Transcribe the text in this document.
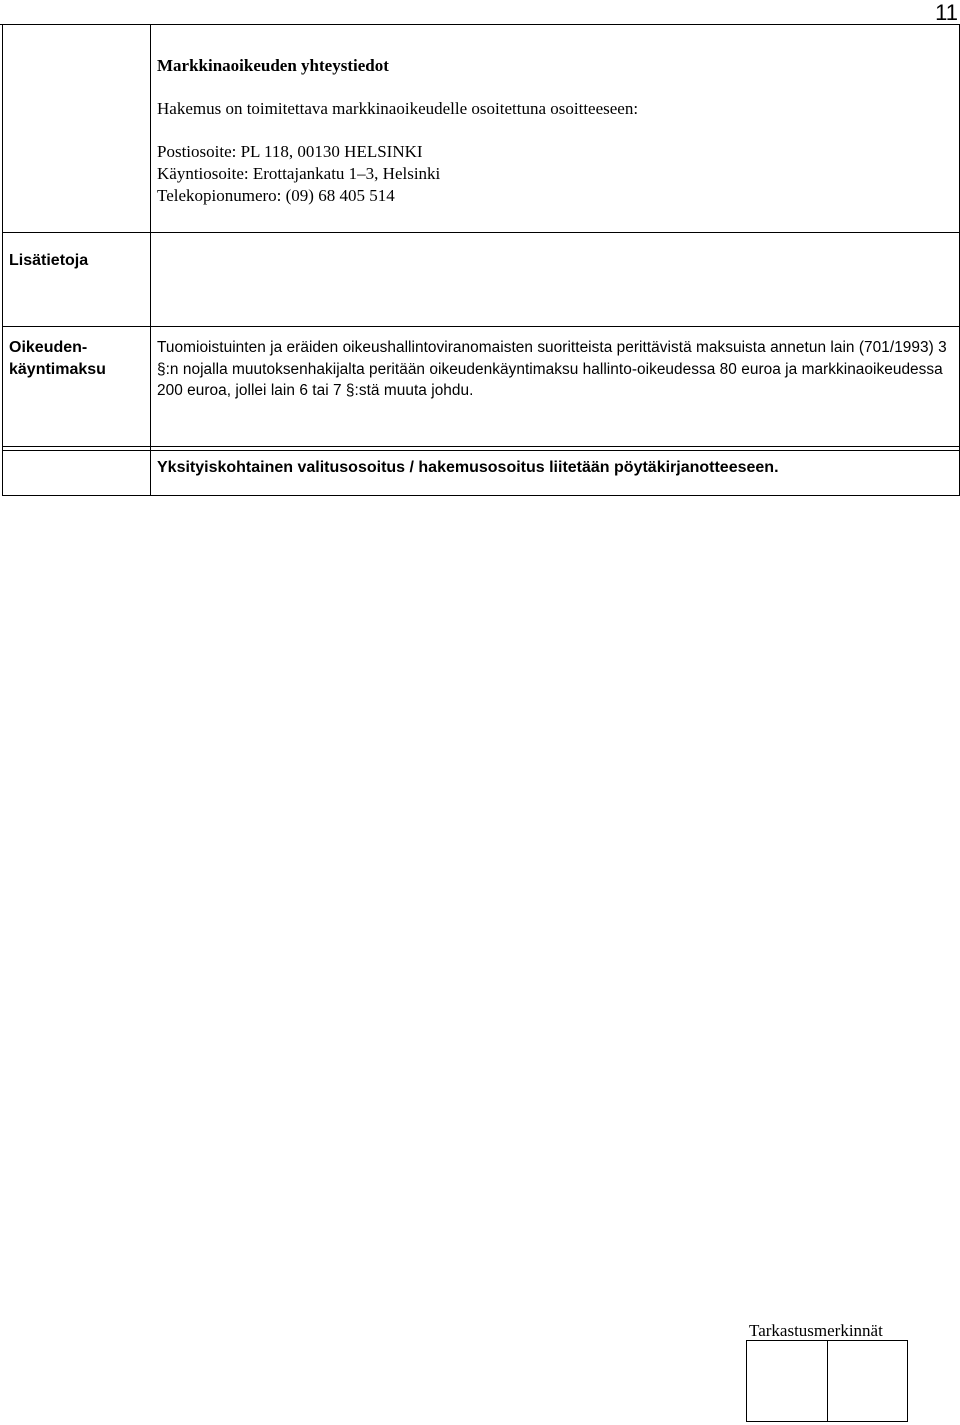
11

	Markkinaoikeuden yhteystiedot
Hakemus on toimitettava markkinaoikeudelle osoitettuna osoitteeseen:
Postiosoite: PL 118, 00130 HELSINKI
Käyntiosoite: Erottajankatu 1–3, Helsinki
Telekopionumero: (09) 68 405 514

Lisätietoja	

Oikeuden-
käyntimaksu	Tuomioistuinten ja eräiden oikeushallintoviranomaisten suoritteista perittävistä maksuista annetun lain (701/1993) 3 §:n nojalla muutoksenhakijalta peritään oikeudenkäyntimaksu hallinto-oikeudessa 80 euroa ja markkinaoikeudessa 200 euroa, jollei lain 6 tai 7 §:stä muuta johdu.

	Yksityiskohtainen valitusosoitus / hakemusosoitus liitetään pöytäkirjanotteeseen.
Tarkastusmerkinnät
